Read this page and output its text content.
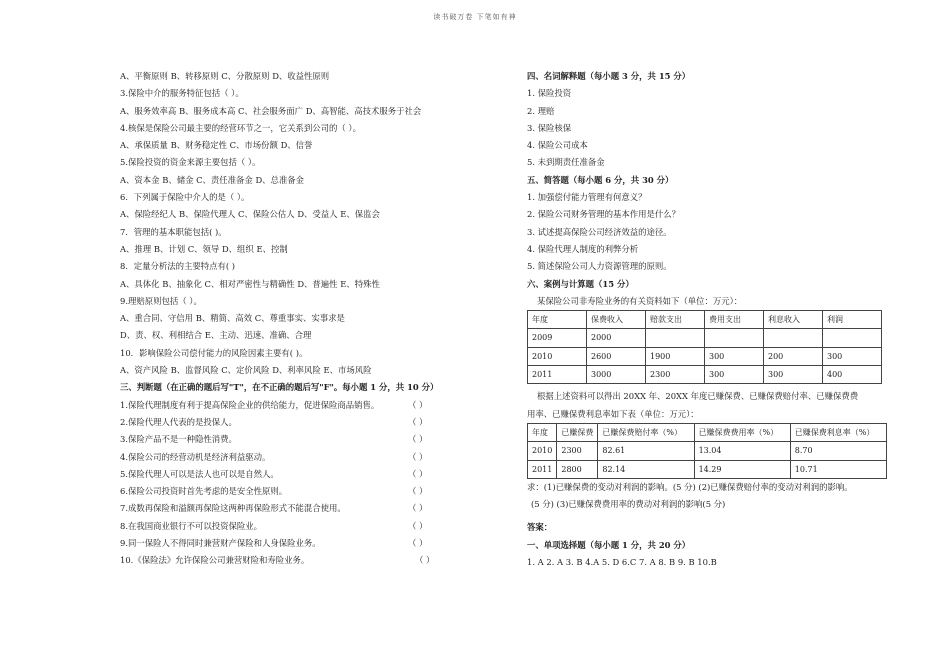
读书破万卷 下笔如有神
A、平衡原则 B、转移原则 C、分散原则 D、收益性原则
3.保险中介的服务特征包括（ ）。
A、服务效率高 B、服务成本高 C、社会服务面广 D、高智能、高技术服务于社会
4.核保是保险公司最主要的经营环节之一，它关系到公司的（ ）。
A、承保质量 B、财务稳定性 C、市场份额 D、信誉
5.保险投资的资金来源主要包括（ ）。
A、资本金 B、储金 C、责任准备金 D、总准备金
6．下列属于保险中介人的是（ ）。
A、保险经纪人 B、保险代理人 C、保险公估人 D、受益人 E、保监会
7．管理的基本职能包括( )。
A、推理 B、计划 C、领导 D、组织 E、控制
8．定量分析法的主要特点有( )
A、具体化 B、抽象化 C、相对严密性与精确性 D、普遍性 E、特殊性
9.理赔原则包括（ ）。
A、重合同、守信用 B、精简、高效 C、尊重事实、实事求是
D、责、权、利相结合 E、主动、迅速、准确、合理
10．影响保险公司偿付能力的风险因素主要有( )。
A、资产风险 B、监督风险 C、定价风险 D、利率风险 E、市场风险
三、判断题（在正确的题后写"T"，在不正确的题后写"F"。每小题 1 分，共 10 分）
1.保险代理制度有利于提高保险企业的供给能力，促进保险商品销售。	（ ）
2.保险代理人代表的是投保人。	（ ）
3.保险产品不是一种隐性消费。	（ ）
4.保险公司的经营动机是经济利益驱动。	（ ）
5.保险代理人可以是法人也可以是自然人。	（ ）
6.保险公司投资时首先考虑的是安全性原则。	（ ）
7.成数再保险和溢额再保险这两种再保险形式不能混合使用。	（ ）
8.在我国商业银行不可以投资保险业。	（ ）
9.同一保险人不得同时兼营财产保险和人身保险业务。	（ ）
10.《保险法》允许保险公司兼营财险和寿险业务。	（ ）
四、名词解释题（每小题 3 分，共 15 分）
1. 保险投资
2. 理赔
3. 保险核保
4. 保险公司成本
5. 未到期责任准备金
五、简答题（每小题 6 分，共 30 分）
1. 加强偿付能力管理有何意义？
2. 保险公司财务管理的基本作用是什么？
3. 试述提高保险公司经济效益的途径。
4. 保险代理人制度的利弊分析
5. 简述保险公司人力资源管理的原则。
六、案例与计算题（15 分）
某保险公司非寿险业务的有关资料如下（单位：万元）：
年度	保费收入	赔款支出	费用支出	利息收入	利润
2009	2000				
2010	2600	1900	300	200	300
2011	3000	2300	300	300	400
根据上述资料可以得出 20XX 年、20XX 年度已赚保费、已赚保费赔付率、已赚保费费
用率、已赚保费利息率如下表（单位：万元）：
年度	已赚保费	已赚保费赔付率（%）	已赚保费费用率（%）	已赚保费利息率（%）
2010	2300	82.61	13.04	8.70
2011	2800	82.14	14.29	10.71
求：(1)已赚保费的变动对利润的影响。(5 分) (2)已赚保费赔付率的变动对利润的影响。
(5 分) (3)已赚保费费用率的费动对利润的影响(5 分)
答案：
一、单项选择题（每小题 1 分，共 20 分）
1. A 2. A 3. B 4.A 5. D 6.C 7. A 8. B 9. B 10.B
